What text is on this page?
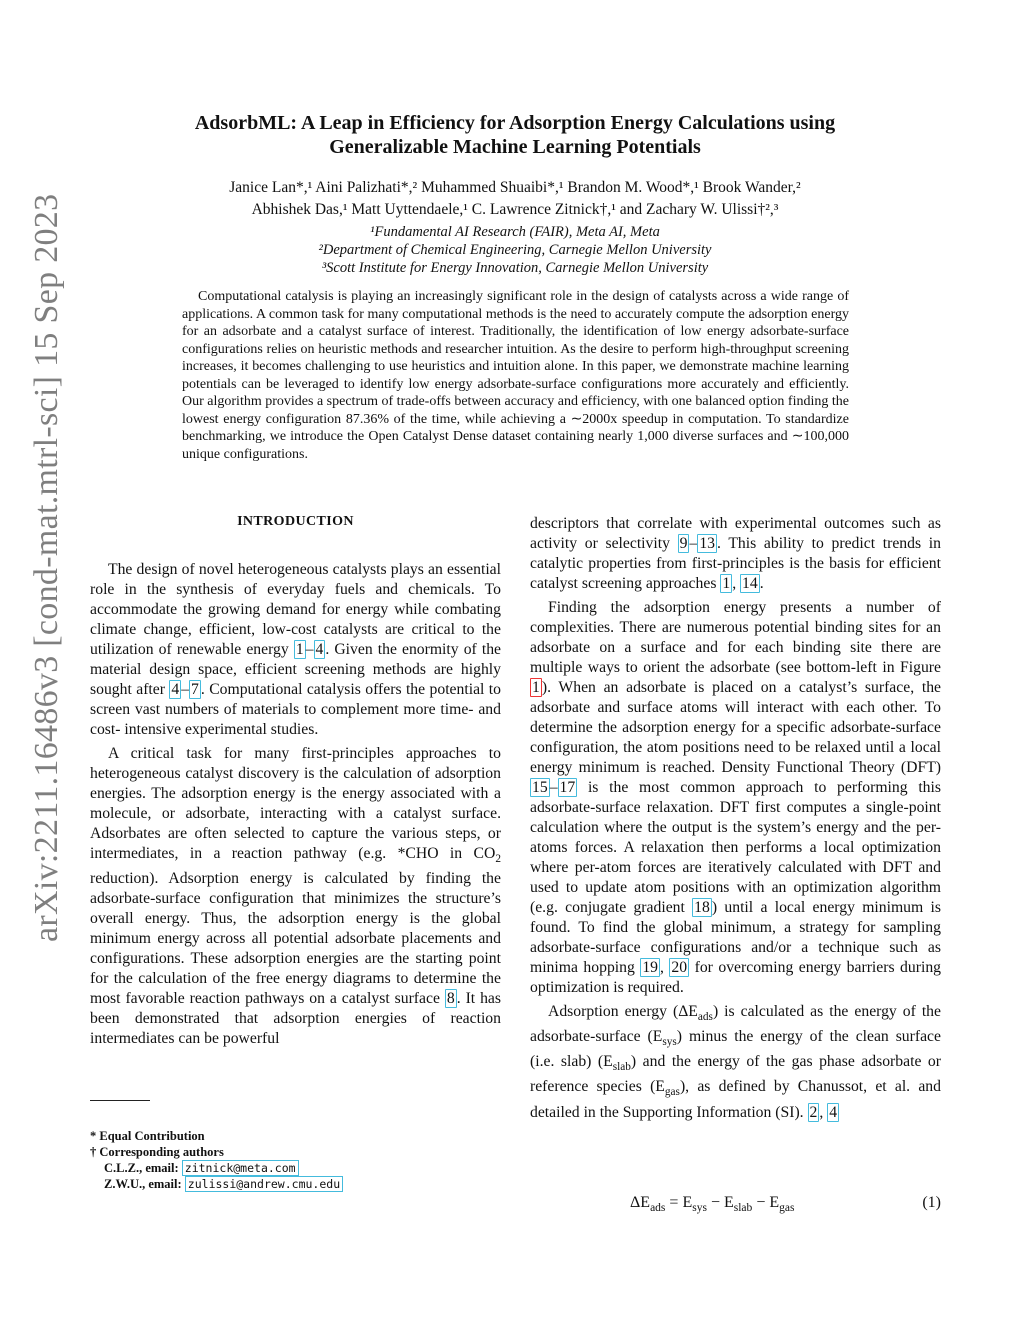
arXiv:2211.16486v3 [cond-mat.mtrl-sci] 15 Sep 2023
AdsorbML: A Leap in Efficiency for Adsorption Energy Calculations using
Generalizable Machine Learning Potentials
Janice Lan*,¹ Aini Palizhati*,² Muhammed Shuaibi*,¹ Brandon M. Wood*,¹ Brook Wander,²
Abhishek Das,¹ Matt Uyttendaele,¹ C. Lawrence Zitnick†,¹ and Zachary W. Ulissi†²,³
¹Fundamental AI Research (FAIR), Meta AI, Meta
²Department of Chemical Engineering, Carnegie Mellon University
³Scott Institute for Energy Innovation, Carnegie Mellon University

Computational catalysis is playing an increasingly significant role in the design of catalysts across a wide range of applications. A common task for many computational methods is the need to accurately compute the adsorption energy for an adsorbate and a catalyst surface of interest. Traditionally, the identification of low energy adsorbate-surface configurations relies on heuristic methods and researcher intuition. As the desire to perform high-throughput screening increases, it becomes challenging to use heuristics and intuition alone. In this paper, we demonstrate machine learning potentials can be leveraged to identify low energy adsorbate-surface configurations more accurately and efficiently. Our algorithm provides a spectrum of trade-offs between accuracy and efficiency, with one balanced option finding the lowest energy configuration 87.36% of the time, while achieving a ∼2000x speedup in computation. To standardize benchmarking, we introduce the Open Catalyst Dense dataset containing nearly 1,000 diverse surfaces and ∼100,000 unique configurations.

INTRODUCTION

The design of novel heterogeneous catalysts plays an essential role in the synthesis of everyday fuels and chemicals. To accommodate the growing demand for energy while combating climate change, efficient, low-cost catalysts are critical to the utilization of renewable energy 1 – 4 . Given the enormity of the material design space, efficient screening methods are highly sought after 4 – 7 . Computational catalysis offers the potential to screen vast numbers of materials to complement more time- and cost- intensive experimental studies.

A critical task for many first-principles approaches to heterogeneous catalyst discovery is the calculation of adsorption energies. The adsorption energy is the energy associated with a molecule, or adsorbate, interacting with a catalyst surface. Adsorbates are often selected to capture the various steps, or intermediates, in a reaction pathway (e.g. *CHO in $CO_2$ reduction). Adsorption energy is calculated by finding the adsorbate-surface configuration that minimizes the structure’s overall energy. Thus, the adsorption energy is the global minimum energy across all potential adsorbate placements and configurations. These adsorption energies are the starting point for the calculation of the free energy diagrams to determine the most favorable reaction pathways on a catalyst surface 8 . It has been demonstrated that adsorption energies of reaction intermediates can be powerful

descriptors that correlate with experimental outcomes such as activity or selectivity 9 – 13 . This ability to predict trends in catalytic properties from first-principles is the basis for efficient catalyst screening approaches 1 , 14 .

Finding the adsorption energy presents a number of complexities. There are numerous potential binding sites for an adsorbate on a surface and for each binding site there are multiple ways to orient the adsorbate (see bottom-left in Figure 1 ). When an adsorbate is placed on a catalyst’s surface, the adsorbate and surface atoms will interact with each other. To determine the adsorption energy for a specific adsorbate-surface configuration, the atom positions need to be relaxed until a local energy minimum is reached. Density Functional Theory (DFT) 15 – 17 is the most common approach to performing this adsorbate-surface relaxation. DFT first computes a single-point calculation where the output is the system’s energy and the per-atoms forces. A relaxation then performs a local optimization where per-atom forces are iteratively calculated with DFT and used to update atom positions with an optimization algorithm (e.g. conjugate gradient 18 ) until a local energy minimum is found. To find the global minimum, a strategy for sampling adsorbate-surface configurations and/or a technique such as minima hopping 19 , 20 for overcoming energy barriers during optimization is required.

Adsorption energy $(\Delta E_{ads})$ is calculated as the energy of the adsorbate-surface $(E_{sys})$ minus the energy of the clean surface (i.e. slab) $(E_{slab})$ and the energy of the gas phase adsorbate or reference species $(E_{gas})$, as defined by Chanussot, et al. and detailed in the Supporting Information (SI). 2 , 4

$\Delta E_{ads} = E_{sys} - E_{slab} - E_{gas}$	(1)
* Equal Contribution
† Corresponding authors
C.L.Z., email: zitnick@meta.com
Z.W.U., email: zulissi@andrew.cmu.edu
